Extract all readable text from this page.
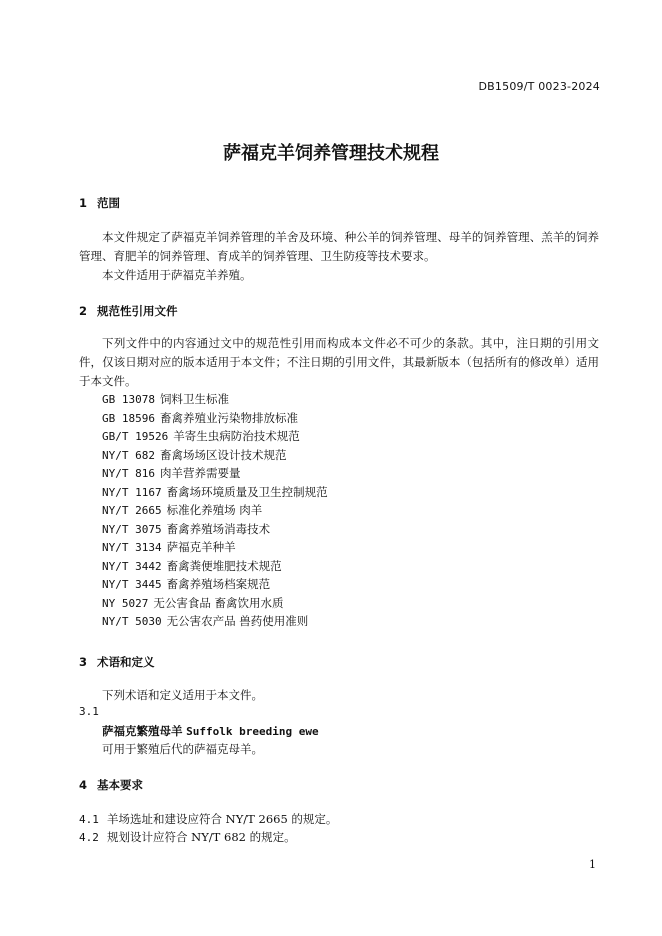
DB1509/T 0023-2024
萨福克羊饲养管理技术规程
1 范围
本文件规定了萨福克羊饲养管理的羊舍及环境、种公羊的饲养管理、母羊的饲养管理、羔羊的饲养管理、育肥羊的饲养管理、育成羊的饲养管理、卫生防疫等技术要求。
本文件适用于萨福克羊养殖。
2 规范性引用文件
下列文件中的内容通过文中的规范性引用而构成本文件必不可少的条款。其中，注日期的引用文件，仅该日期对应的版本适用于本文件；不注日期的引用文件，其最新版本（包括所有的修改单）适用于本文件。
GB 13078 饲料卫生标准
GB 18596 畜禽养殖业污染物排放标准
GB/T 19526 羊寄生虫病防治技术规范
NY/T 682 畜禽场场区设计技术规范
NY/T 816 肉羊营养需要量
NY/T 1167 畜禽场环境质量及卫生控制规范
NY/T 2665 标准化养殖场 肉羊
NY/T 3075 畜禽养殖场消毒技术
NY/T 3134 萨福克羊种羊
NY/T 3442 畜禽粪便堆肥技术规范
NY/T 3445 畜禽养殖场档案规范
NY 5027 无公害食品 畜禽饮用水质
NY/T 5030 无公害农产品 兽药使用准则
3 术语和定义
下列术语和定义适用于本文件。
3.1
萨福克繁殖母羊 Suffolk breeding ewe
可用于繁殖后代的萨福克母羊。
4 基本要求
4.1 羊场选址和建设应符合 NY/T 2665 的规定。
4.2 规划设计应符合 NY/T 682 的规定。
1
